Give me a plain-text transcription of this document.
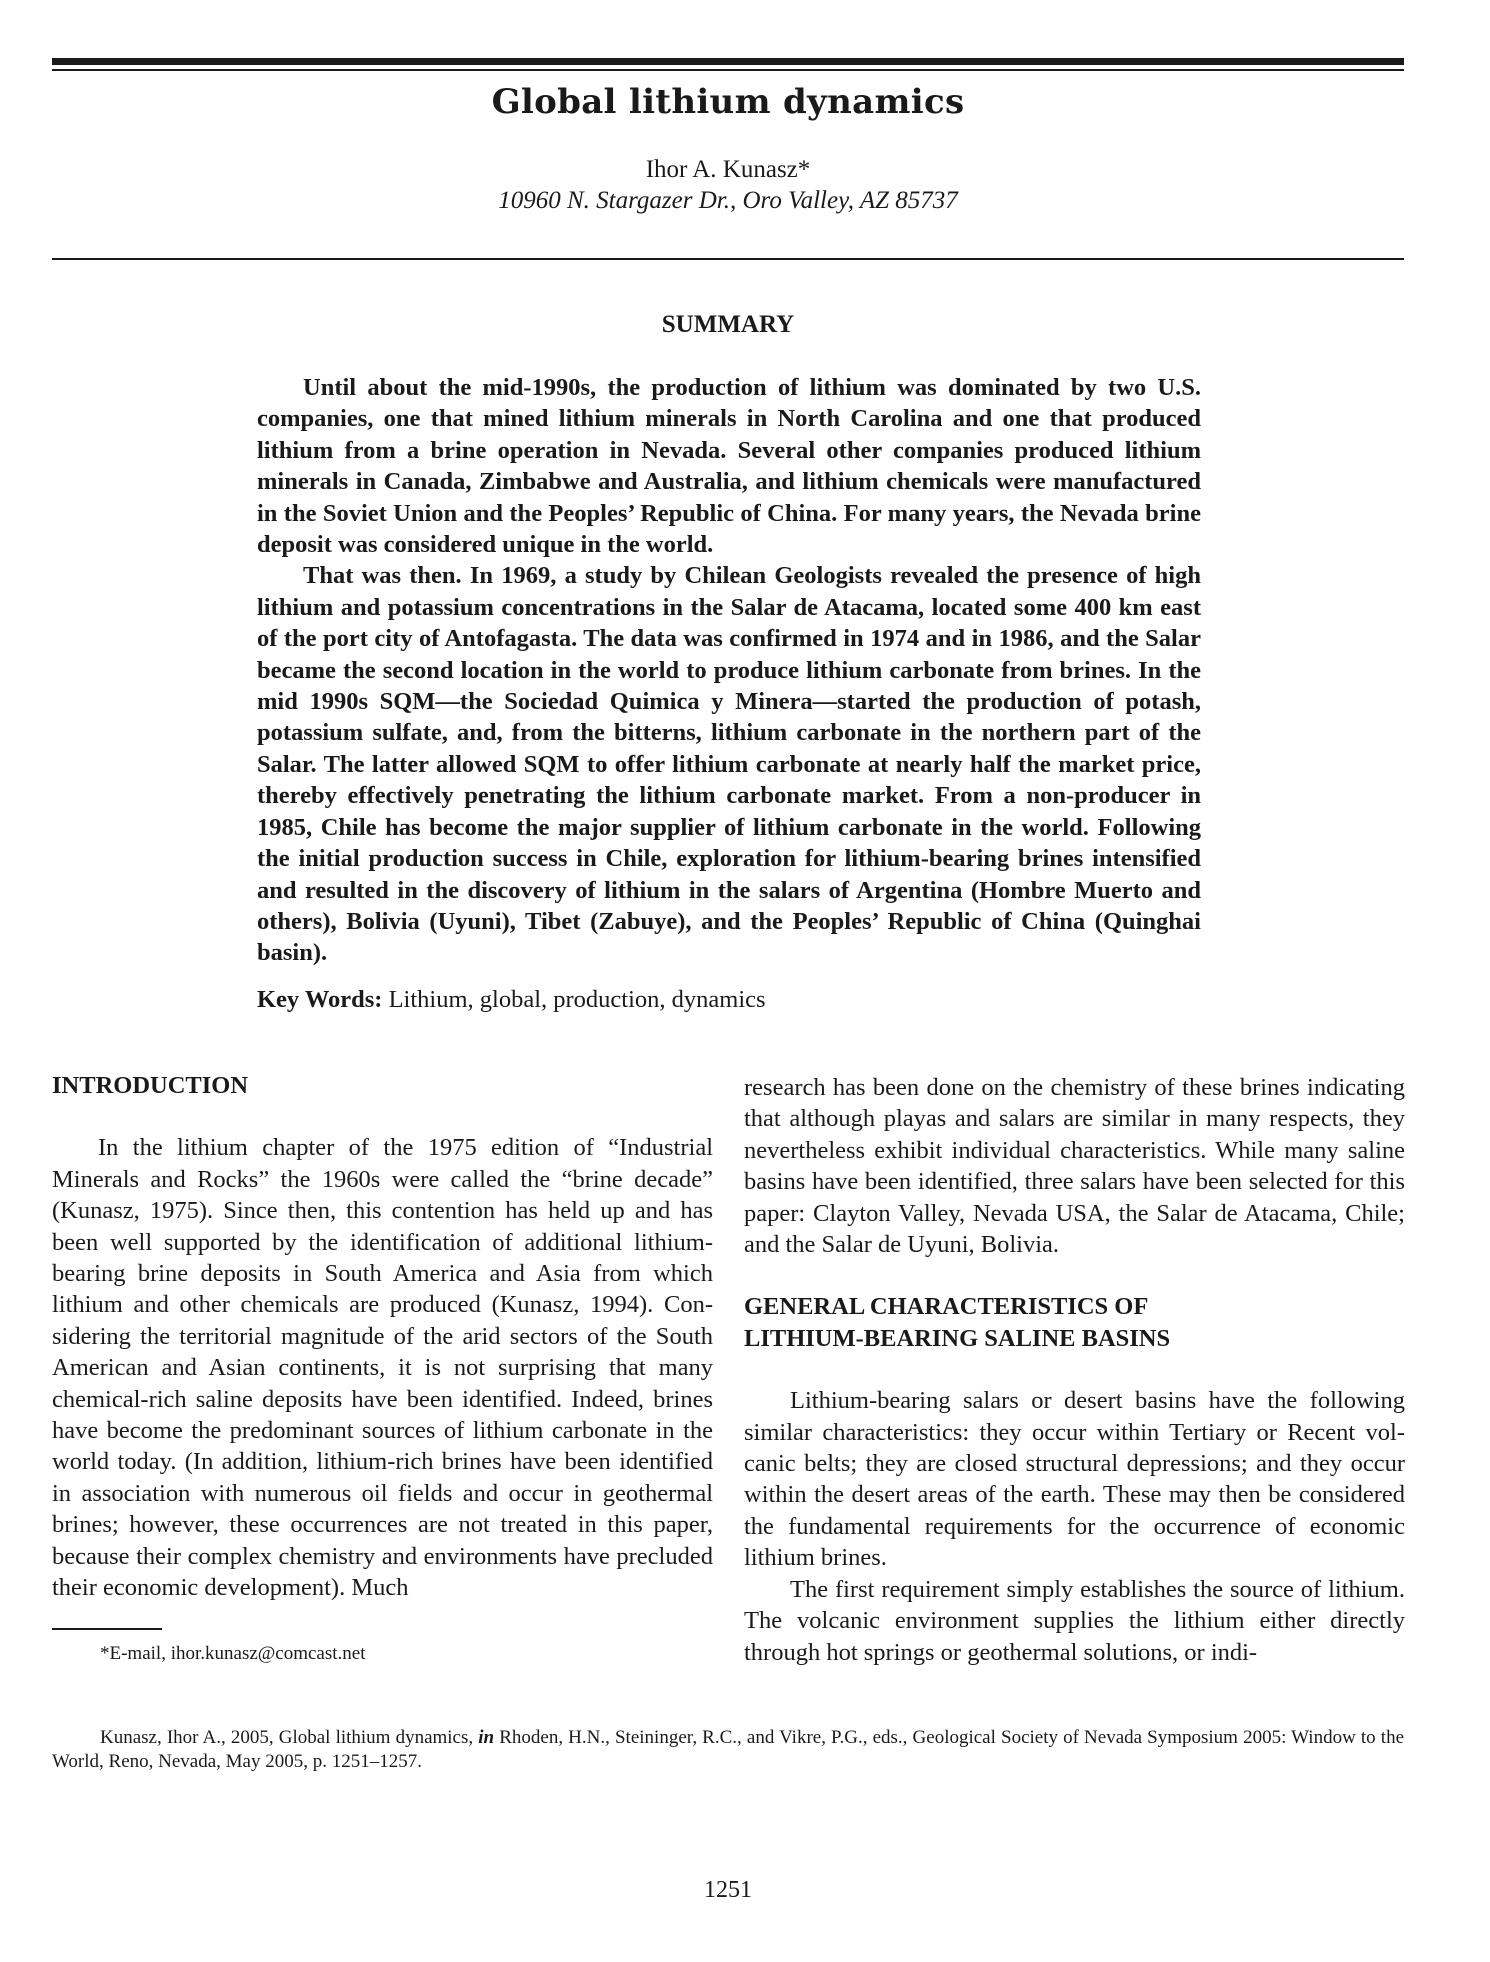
Global lithium dynamics
Ihor A. Kunasz*
10960 N. Stargazer Dr., Oro Valley, AZ 85737
SUMMARY

Until about the mid-1990s, the production of lithium was dominated by two U.S. companies, one that mined lithium minerals in North Carolina and one that produced lithium from a brine operation in Nevada. Several other companies produced lithium minerals in Canada, Zimbabwe and Australia, and lithium chemicals were manufactured in the Soviet Union and the Peoples’ Republic of China. For many years, the Nevada brine deposit was considered unique in the world.

That was then. In 1969, a study by Chilean Geologists revealed the presence of high lithium and potassium concentrations in the Salar de Atacama, located some 400 km east of the port city of Antofagasta. The data was confirmed in 1974 and in 1986, and the Salar became the second location in the world to produce lithium carbonate from brines. In the mid 1990s SQM—the Sociedad Quimica y Minera—started the production of potash, potassium sulfate, and, from the bitterns, lithium carbonate in the northern part of the Salar. The latter allowed SQM to offer lithium carbonate at nearly half the market price, thereby effectively penetrating the lithium carbonate market. From a non-producer in 1985, Chile has become the major supplier of lithium carbonate in the world. Following the initial production success in Chile, exploration for lithium-bearing brines intensified and resulted in the discovery of lithium in the salars of Argentina (Hombre Muerto and others), Bolivia (Uyuni), Tibet (Zabuye), and the Peoples’ Republic of China (Quinghai basin).

Key Words: Lithium, global, production, dynamics
INTRODUCTION

In the lithium chapter of the 1975 edition of “Industrial Minerals and Rocks” the 1960s were called the “brine decade” (Kunasz, 1975). Since then, this contention has held up and has been well supported by the identification of additional lithium-bearing brine deposits in South America and Asia from which lithium and other chemicals are produced (Kunasz, 1994). Considering the territorial magnitude of the arid sectors of the South American and Asian continents, it is not surprising that many chemical-rich saline deposits have been identified. Indeed, brines have become the predominant sources of lithium carbonate in the world today. (In addition, lithium-rich brines have been identified in association with numerous oil fields and occur in geothermal brines; however, these occurrences are not treated in this paper, because their complex chemistry and environments have precluded their economic development). Much

research has been done on the chemistry of these brines indicating that although playas and salars are similar in many respects, they nevertheless exhibit individual characteristics. While many saline basins have been identified, three salars have been selected for this paper: Clayton Valley, Nevada USA, the Salar de Atacama, Chile; and the Salar de Uyuni, Bolivia.

GENERAL CHARACTERISTICS OF
LITHIUM-BEARING SALINE BASINS

Lithium-bearing salars or desert basins have the following similar characteristics: they occur within Tertiary or Recent volcanic belts; they are closed structural depressions; and they occur within the desert areas of the earth. These may then be considered the fundamental requirements for the occurrence of economic lithium brines.

The first requirement simply establishes the source of lithium. The volcanic environment supplies the lithium either directly through hot springs or geothermal solutions, or indi-

*E-mail, ihor.kunasz@comcast.net
Kunasz, Ihor A., 2005, Global lithium dynamics, in Rhoden, H.N., Steininger, R.C., and Vikre, P.G., eds., Geological Society of Nevada Symposium 2005: Window to the World, Reno, Nevada, May 2005, p. 1251–1257.
1251
